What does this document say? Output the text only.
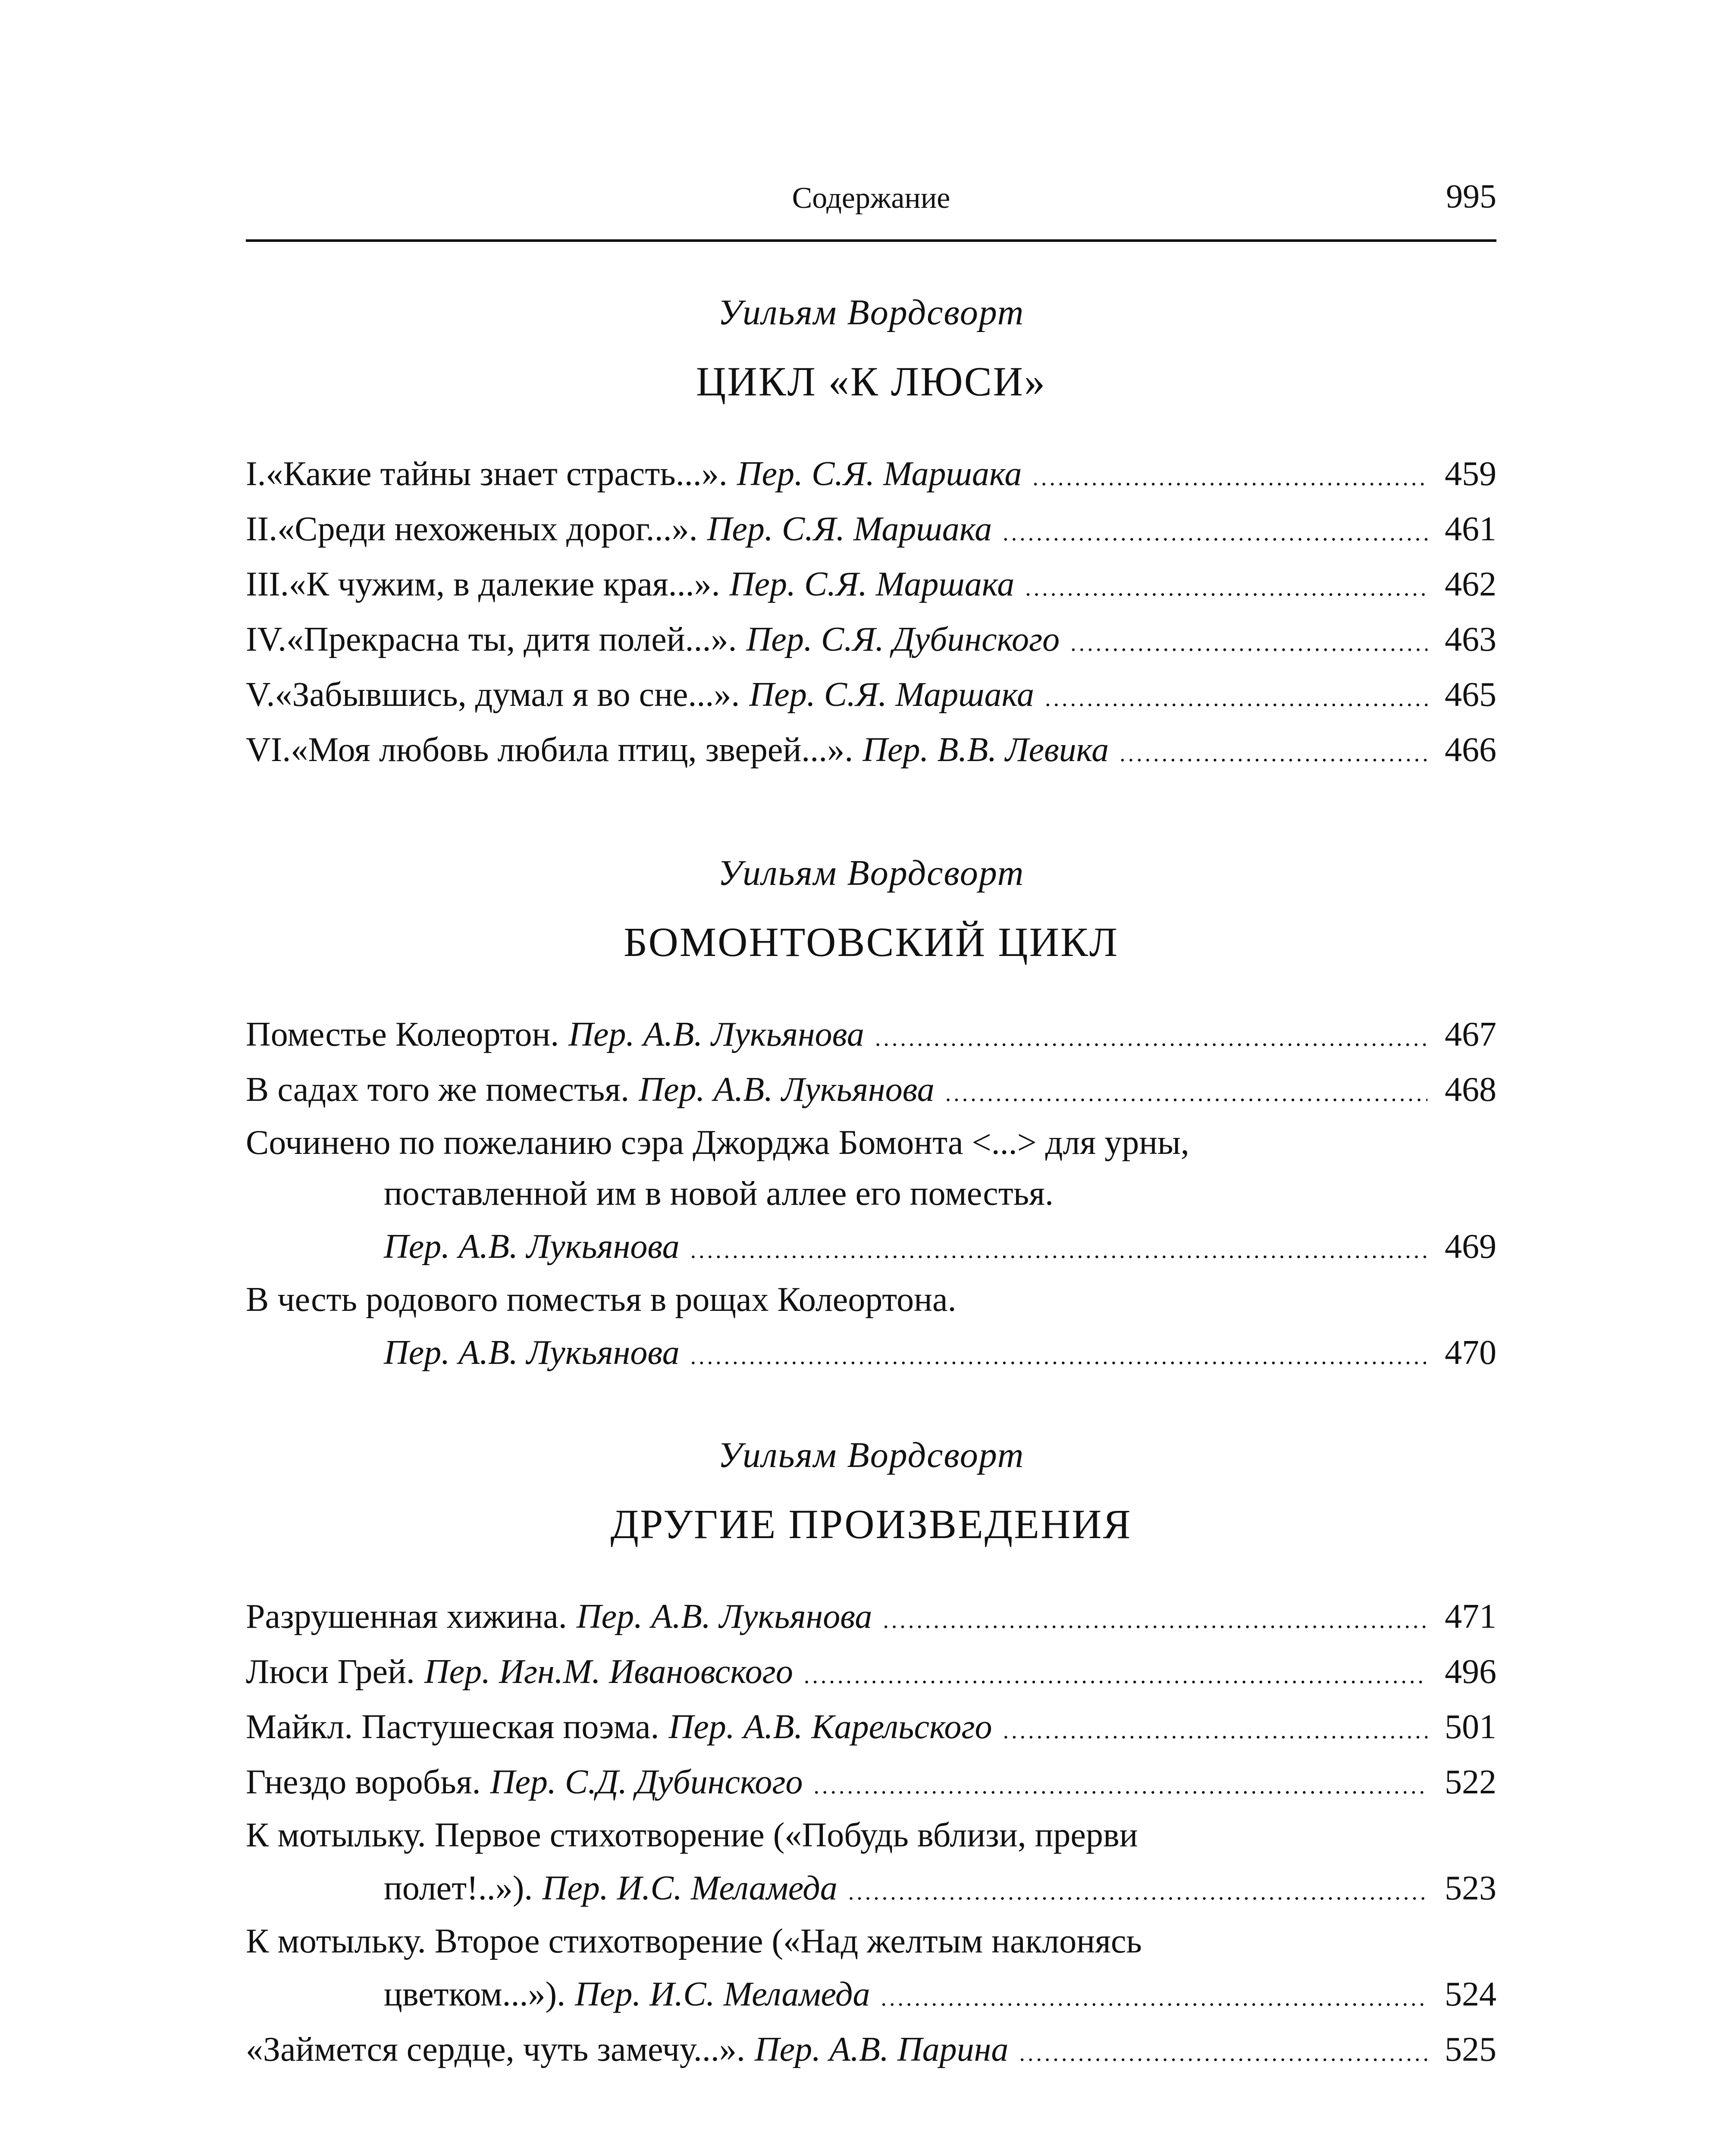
Содержание	995
Уильям Вордсворт
ЦИКЛ «К ЛЮСИ»
I. «Какие тайны знает страсть...». Пер. С.Я. Маршака .....	459
II. «Среди нехоженых дорог...». Пер. С.Я. Маршака .....	461
III. «К чужим, в далекие края...». Пер. С.Я. Маршака .....	462
IV. «Прекрасна ты, дитя полей...». Пер. С.Я. Дубинского .....	463
V. «Забывшись, думал я во сне...». Пер. С.Я. Маршака .....	465
VI. «Моя любовь любила птиц, зверей...». Пер. В.В. Левика .....	466
Уильям Вордсворт
БОМОНТОВСКИЙ ЦИКЛ
Поместье Колеортон. Пер. А.В. Лукьянова .....	467
В садах того же поместья. Пер. А.В. Лукьянова .....	468
Сочинено по пожеланию сэра Джорджа Бомонта <...> для урны,
поставленной им в новой аллее его поместья.
Пер. А.В. Лукьянова .....	469
В честь родового поместья в рощах Колеортона.
Пер. А.В. Лукьянова .....	470
Уильям Вордсворт
ДРУГИЕ ПРОИЗВЕДЕНИЯ
Разрушенная хижина. Пер. А.В. Лукьянова .....	471
Люси Грей. Пер. Игн.М. Ивановского .....	496
Майкл. Пастушеская поэма. Пер. А.В. Карельского .....	501
Гнездо воробья. Пер. С.Д. Дубинского .....	522
К мотыльку. Первое стихотворение («Побудь вблизи, прерви
полет!..»). Пер. И.С. Меламеда .....	523
К мотыльку. Второе стихотворение («Над желтым наклонясь
цветком...»). Пер. И.С. Меламеда .....	524
«Займется сердце, чуть замечу...». Пер. А.В. Парина .....	525
